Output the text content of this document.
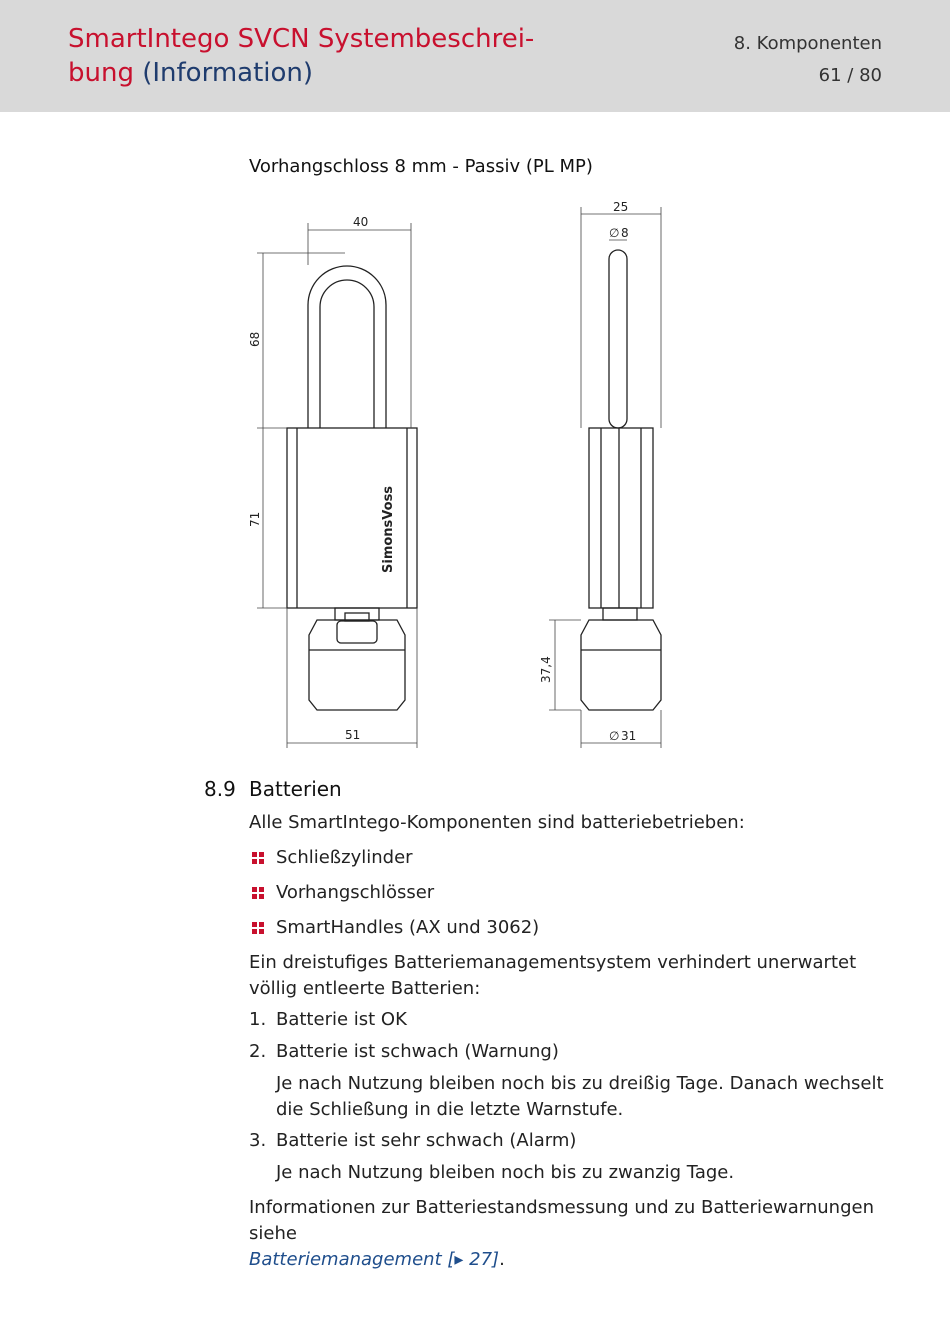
SmartIntego SVCN Systembeschrei-
bung (Information)
8. Komponenten
61 / 80
Vorhangschloss 8 mm - Passiv (PL MP)
40
68
71
51
25
∅ 8
37,4
∅ 31
SimonsVoss
8.9 Batterien
Alle SmartIntego-Komponenten sind batteriebetrieben:
Schließzylinder
Vorhangschlösser
SmartHandles (AX und 3062)
Ein dreistufiges Batteriemanagementsystem verhindert unerwartet völlig entleerte Batterien:
1. Batterie ist OK
2. Batterie ist schwach (Warnung)
Je nach Nutzung bleiben noch bis zu dreißig Tage. Danach wechselt die Schließung in die letzte Warnstufe.
3. Batterie ist sehr schwach (Alarm)
Je nach Nutzung bleiben noch bis zu zwanzig Tage.
Informationen zur Batteriestandsmessung und zu Batteriewarnungen siehe
Batteriemanagement [▸ 27].
